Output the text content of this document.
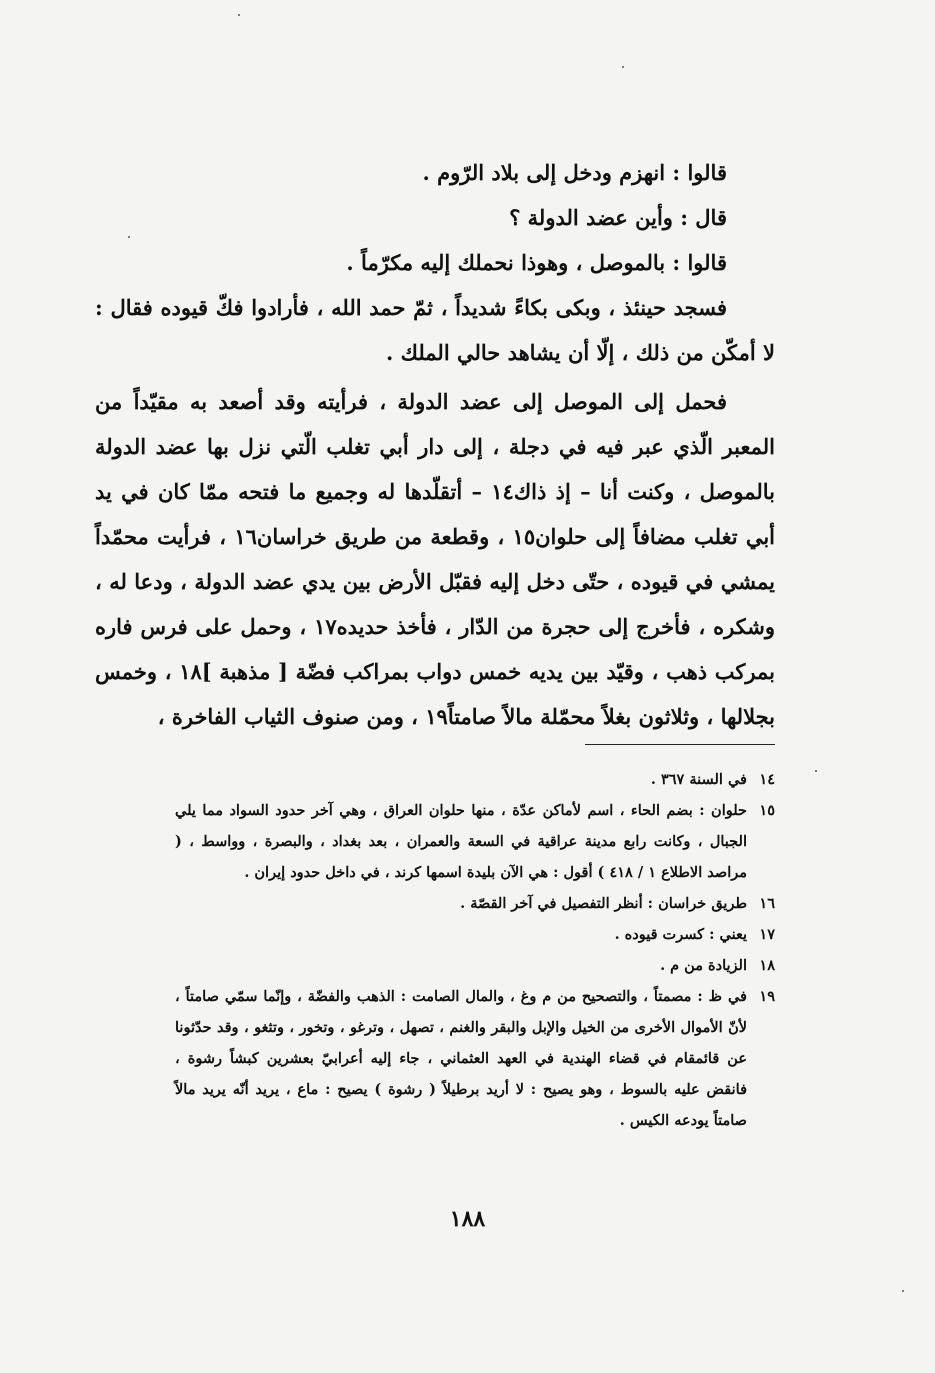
قالوا : انهزم ودخل إلى بلاد الرّوم .

قال : وأين عضد الدولة ؟

قالوا : بالموصل ، وهوذا نحملك إليه مكرّماً .

فسجد حينئذ ، وبكى بكاءً شديداً ، ثمّ حمد الله ، فأرادوا فكّ قيوده فقال : لا أمكّن من ذلك ، إلّا أن يشاهد حالي الملك .

فحمل إلى الموصل إلى عضد الدولة ، فرأيته وقد أصعد به مقيّداً من المعبر الّذي عبر فيه في دجلة ، إلى دار أبي تغلب الّتي نزل بها عضد الدولة بالموصل ، وكنت أنا – إذ ذاك١٤ – أتقلّدها له وجميع ما فتحه ممّا كان في يد أبي تغلب مضافاً إلى حلوان١٥ ، وقطعة من طريق خراسان١٦ ، فرأيت محمّداً يمشي في قيوده ، حتّى دخل إليه فقبّل الأرض بين يدي عضد الدولة ، ودعا له ، وشكره ، فأخرج إلى حجرة من الدّار ، فأخذ حديده١٧ ، وحمل على فرس فاره بمركب ذهب ، وقيّد بين يديه خمس دواب بمراكب فضّة [ مذهبة ]١٨ ، وخمس بجلالها ، وثلاثون بغلاً محمّلة مالاً صامتاً١٩ ، ومن صنوف الثياب الفاخرة ،

١٤
في السنة ٣٦٧ .
١٥
حلوان : بضم الحاء ، اسم لأماكن عدّة ، منها حلوان العراق ، وهي آخر حدود السواد مما يلي الجبال ، وكانت رابع مدينة عراقية في السعة والعمران ، بعد بغداد ، والبصرة ، وواسط ، ( مراصد الاطلاع ١ / ٤١٨ ) أقول : هي الآن بليدة اسمها كرند ، في داخل حدود إيران .
١٦
طريق خراسان : أنظر التفصيل في آخر القصّة .
١٧
يعني : كسرت قيوده .
١٨
الزيادة من م .
١٩
في ظ : مصمتاً ، والتصحيح من م وغ ، والمال الصامت : الذهب والفضّة ، وإنّما سمّي صامتاً ، لأنّ الأموال الأخرى من الخيل والإبل والبقر والغنم ، تصهل ، وترغو ، وتخور ، وتثغو ، وقد حدّثونا عن قائمقام في قضاء الهندية في العهد العثماني ، جاء إليه أعرابيّ بعشرين كبشاً رشوة ، فانقض عليه بالسوط ، وهو يصيح : لا أريد برطيلاً ( رشوة ) يصيح : ماع ، يريد أنّه يريد مالاً صامتاً يودعه الكيس .
١٨٨
